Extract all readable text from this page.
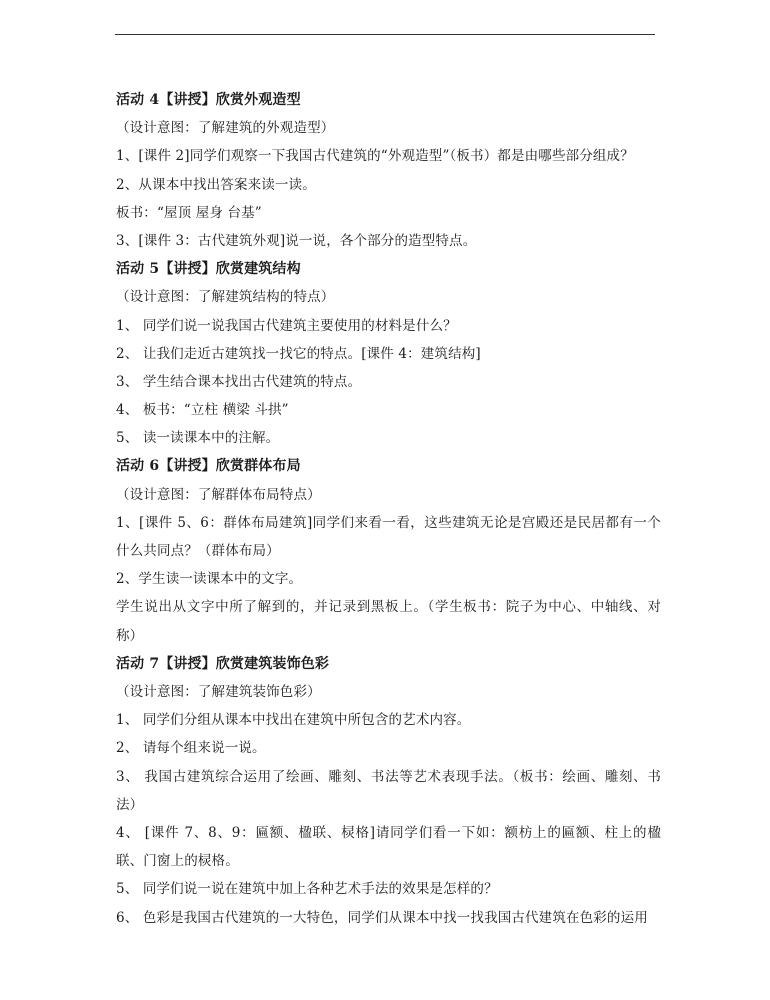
活动 4【讲授】欣赏外观造型
（设计意图：了解建筑的外观造型）
1、[课件 2]同学们观察一下我国古代建筑的“外观造型”（板书）都是由哪些部分组成？
2、从课本中找出答案来读一读。
板书：“屋顶 屋身 台基”
3、[课件 3：古代建筑外观]说一说，各个部分的造型特点。
活动 5【讲授】欣赏建筑结构
（设计意图：了解建筑结构的特点）
1、 同学们说一说我国古代建筑主要使用的材料是什么？
2、 让我们走近古建筑找一找它的特点。[课件 4：建筑结构]
3、 学生结合课本找出古代建筑的特点。
4、 板书：“立柱 横梁 斗拱”
5、 读一读课本中的注解。
活动 6【讲授】欣赏群体布局
（设计意图：了解群体布局特点）
1、[课件 5、6：群体布局建筑]同学们来看一看，这些建筑无论是宫殿还是民居都有一个什么共同点？（群体布局）
2、学生读一读课本中的文字。
学生说出从文字中所了解到的，并记录到黑板上。（学生板书：院子为中心、中轴线、对称）
活动 7【讲授】欣赏建筑装饰色彩
（设计意图：了解建筑装饰色彩）
1、 同学们分组从课本中找出在建筑中所包含的艺术内容。
2、 请每个组来说一说。
3、 我国古建筑综合运用了绘画、雕刻、书法等艺术表现手法。（板书：绘画、雕刻、书法）
4、 [课件 7、8、9：匾额、楹联、棂格]请同学们看一下如：额枋上的匾额、柱上的楹联、门窗上的棂格。
5、 同学们说一说在建筑中加上各种艺术手法的效果是怎样的？
6、 色彩是我国古代建筑的一大特色，同学们从课本中找一找我国古代建筑在色彩的运用
